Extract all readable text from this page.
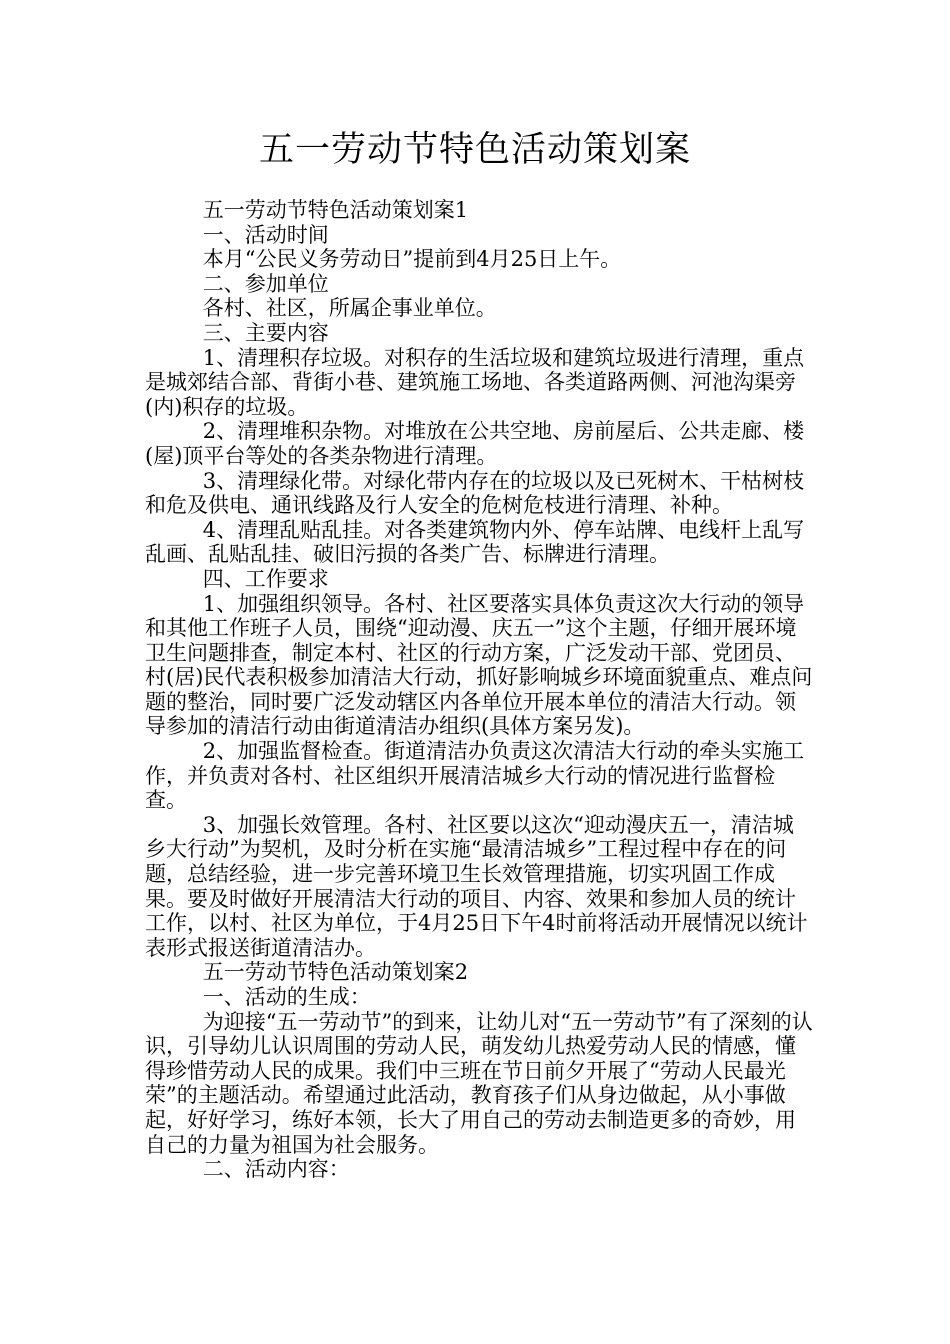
五一劳动节特色活动策划案

五一劳动节特色活动策划案1

一、活动时间

本月“公民义务劳动日”提前到4月25日上午。

二、参加单位

各村、社区，所属企事业单位。

三、主要内容

1、清理积存垃圾。对积存的生活垃圾和建筑垃圾进行清理，重点是城郊结合部、背街小巷、建筑施工场地、各类道路两侧、河池沟渠旁(内)积存的垃圾。

2、清理堆积杂物。对堆放在公共空地、房前屋后、公共走廊、楼(屋)顶平台等处的各类杂物进行清理。

3、清理绿化带。对绿化带内存在的垃圾以及已死树木、干枯树枝和危及供电、通讯线路及行人安全的危树危枝进行清理、补种。

4、清理乱贴乱挂。对各类建筑物内外、停车站牌、电线杆上乱写乱画、乱贴乱挂、破旧污损的各类广告、标牌进行清理。

四、工作要求

1、加强组织领导。各村、社区要落实具体负责这次大行动的领导和其他工作班子人员，围绕“迎动漫、庆五一”这个主题，仔细开展环境卫生问题排查，制定本村、社区的行动方案，广泛发动干部、党团员、村(居)民代表积极参加清洁大行动，抓好影响城乡环境面貌重点、难点问题的整治，同时要广泛发动辖区内各单位开展本单位的清洁大行动。领导参加的清洁行动由街道清洁办组织(具体方案另发)。

2、加强监督检查。街道清洁办负责这次清洁大行动的牵头实施工作，并负责对各村、社区组织开展清洁城乡大行动的情况进行监督检查。

3、加强长效管理。各村、社区要以这次“迎动漫庆五一，清洁城乡大行动”为契机，及时分析在实施“最清洁城乡”工程过程中存在的问题，总结经验，进一步完善环境卫生长效管理措施，切实巩固工作成果。要及时做好开展清洁大行动的项目、内容、效果和参加人员的统计工作，以村、社区为单位，于4月25日下午4时前将活动开展情况以统计表形式报送街道清洁办。

五一劳动节特色活动策划案2

一、活动的生成：

为迎接“五一劳动节”的到来，让幼儿对“五一劳动节”有了深刻的认识，引导幼儿认识周围的劳动人民，萌发幼儿热爱劳动人民的情感，懂得珍惜劳动人民的成果。我们中三班在节日前夕开展了“劳动人民最光荣”的主题活动。希望通过此活动，教育孩子们从身边做起，从小事做起，好好学习，练好本领，长大了用自己的劳动去制造更多的奇妙，用自己的力量为祖国为社会服务。

二、活动内容：
